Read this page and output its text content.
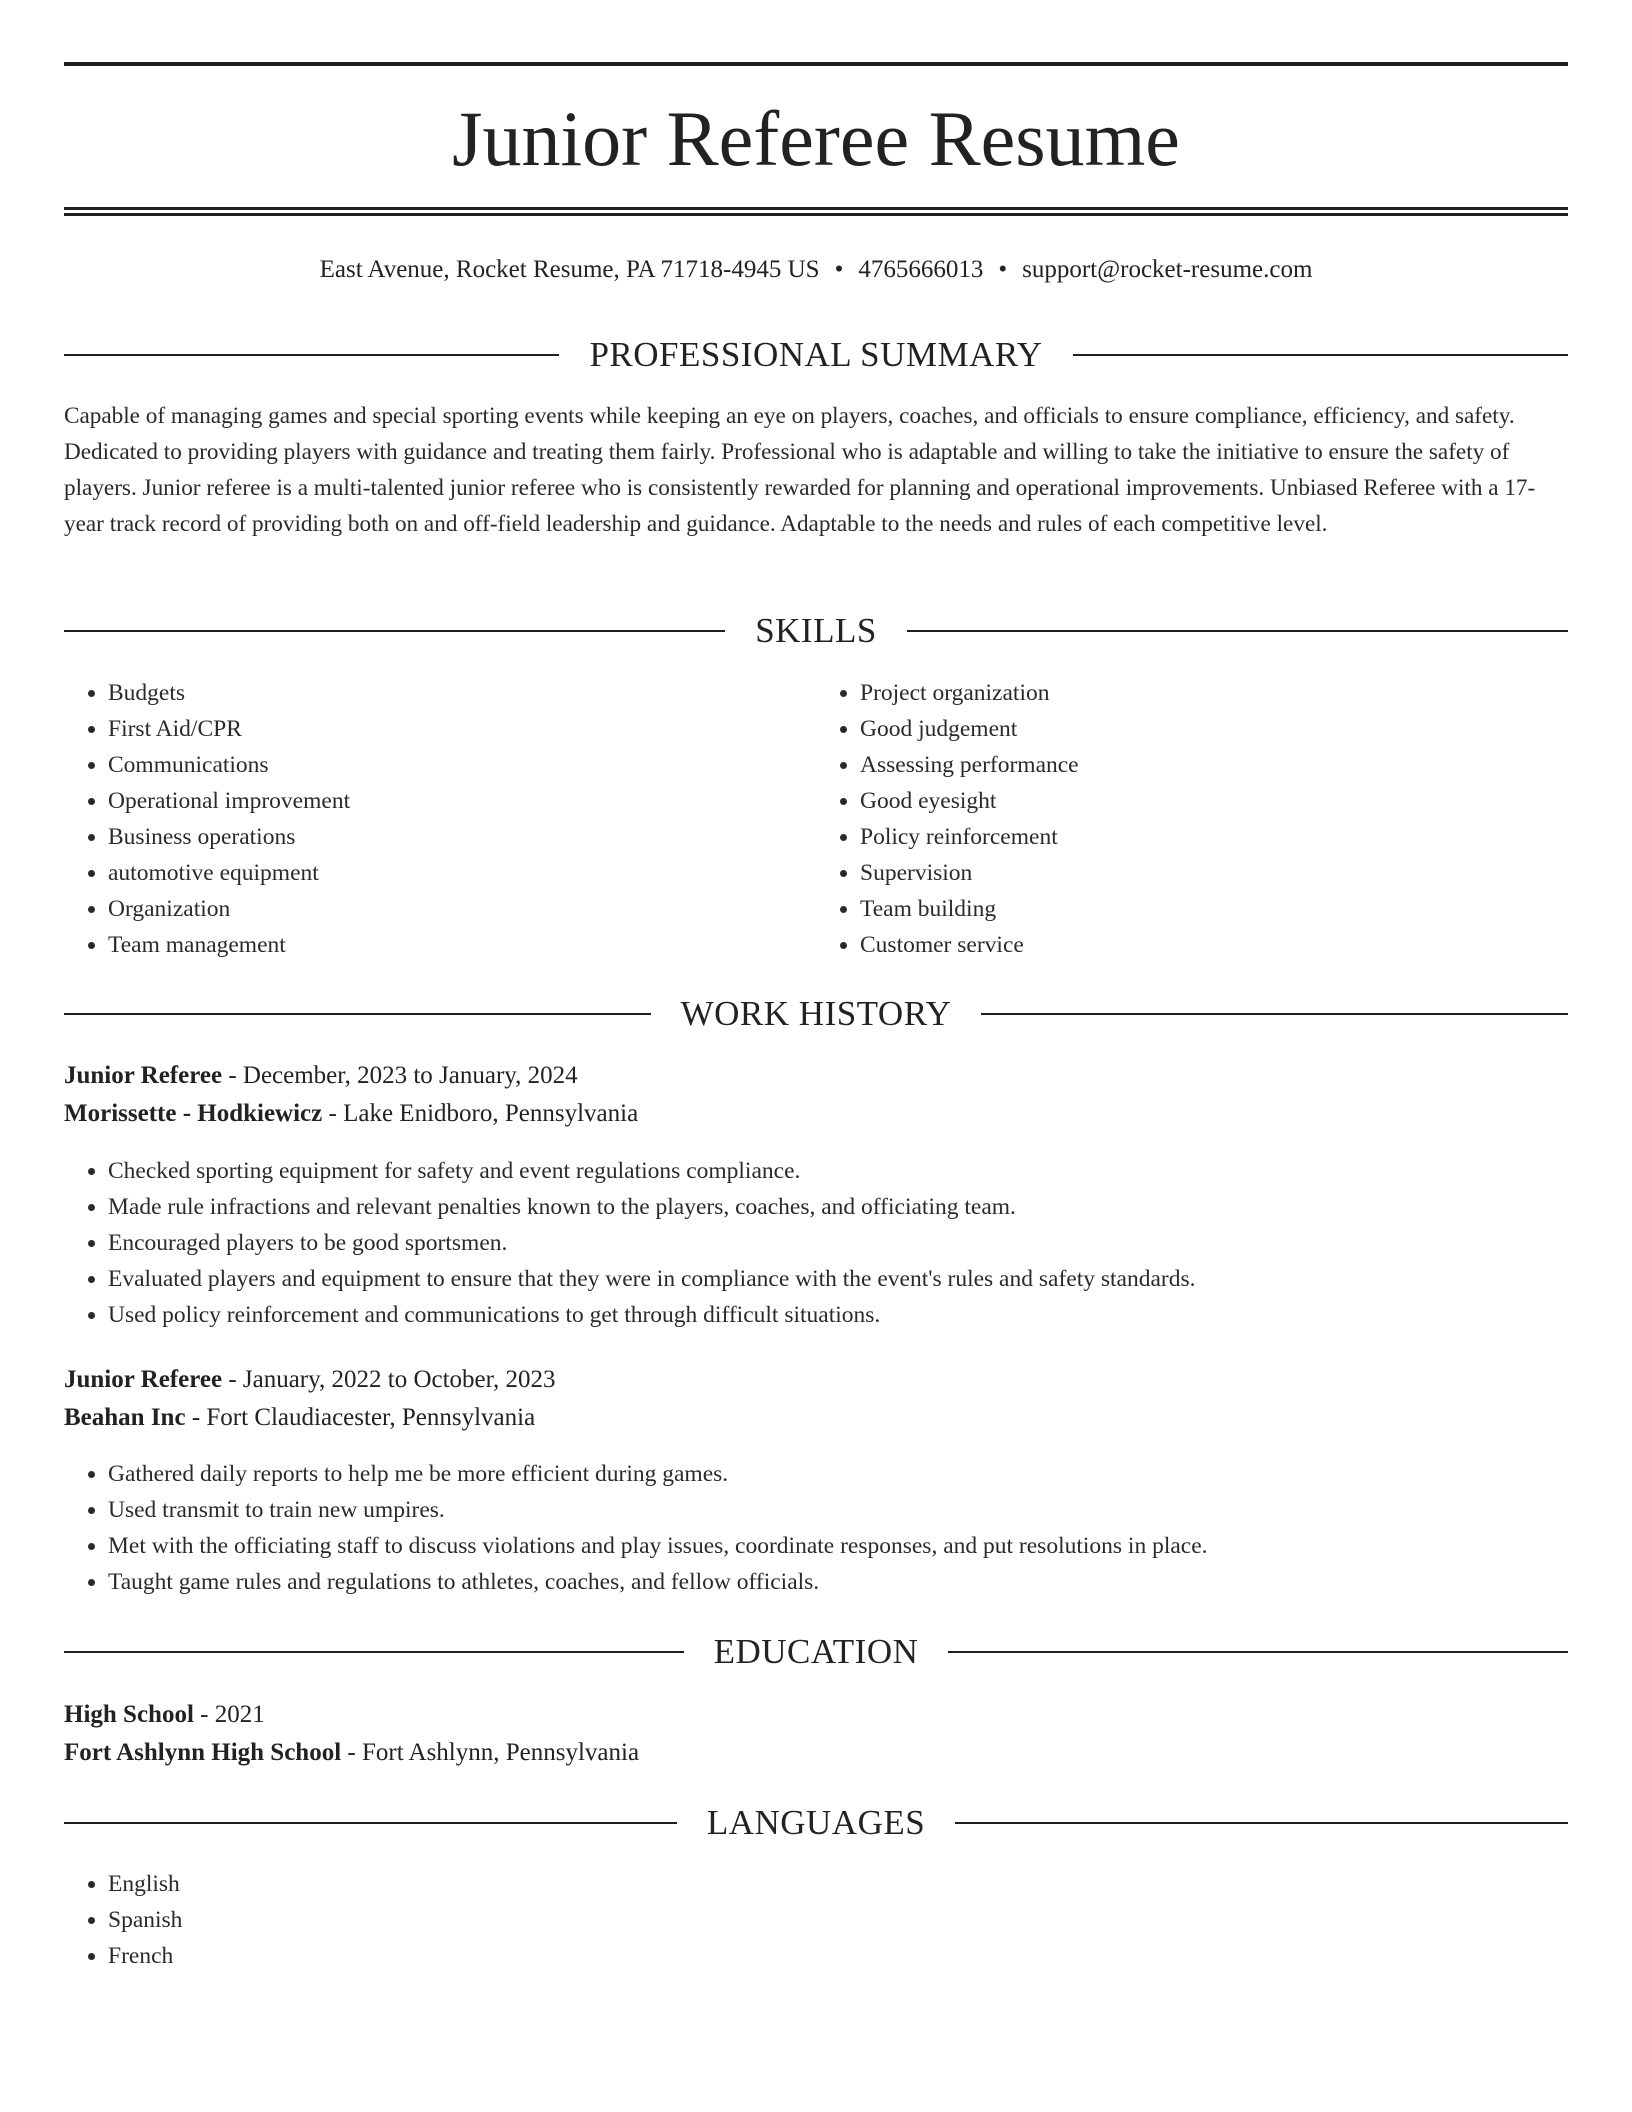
Junior Referee Resume
East Avenue, Rocket Resume, PA 71718-4945 US • 4765666013 • support@rocket-resume.com
PROFESSIONAL SUMMARY

Capable of managing games and special sporting events while keeping an eye on players, coaches, and officials to ensure compliance, efficiency, and safety. Dedicated to providing players with guidance and treating them fairly. Professional who is adaptable and willing to take the initiative to ensure the safety of players. Junior referee is a multi-talented junior referee who is consistently rewarded for planning and operational improvements. Unbiased Referee with a 17-year track record of providing both on and off-field leadership and guidance. Adaptable to the needs and rules of each competitive level.

SKILLS
• Budgets
• First Aid/CPR
• Communications
• Operational improvement
• Business operations
• automotive equipment
• Organization
• Team management
• Project organization
• Good judgement
• Assessing performance
• Good eyesight
• Policy reinforcement
• Supervision
• Team building
• Customer service
WORK HISTORY
Junior Referee - December, 2023 to January, 2024
Morissette - Hodkiewicz - Lake Enidboro, Pennsylvania
• Checked sporting equipment for safety and event regulations compliance.
• Made rule infractions and relevant penalties known to the players, coaches, and officiating team.
• Encouraged players to be good sportsmen.
• Evaluated players and equipment to ensure that they were in compliance with the event's rules and safety standards.
• Used policy reinforcement and communications to get through difficult situations.
Junior Referee - January, 2022 to October, 2023
Beahan Inc - Fort Claudiacester, Pennsylvania
• Gathered daily reports to help me be more efficient during games.
• Used transmit to train new umpires.
• Met with the officiating staff to discuss violations and play issues, coordinate responses, and put resolutions in place.
• Taught game rules and regulations to athletes, coaches, and fellow officials.
EDUCATION
High School - 2021
Fort Ashlynn High School - Fort Ashlynn, Pennsylvania
LANGUAGES
• English
• Spanish
• French
